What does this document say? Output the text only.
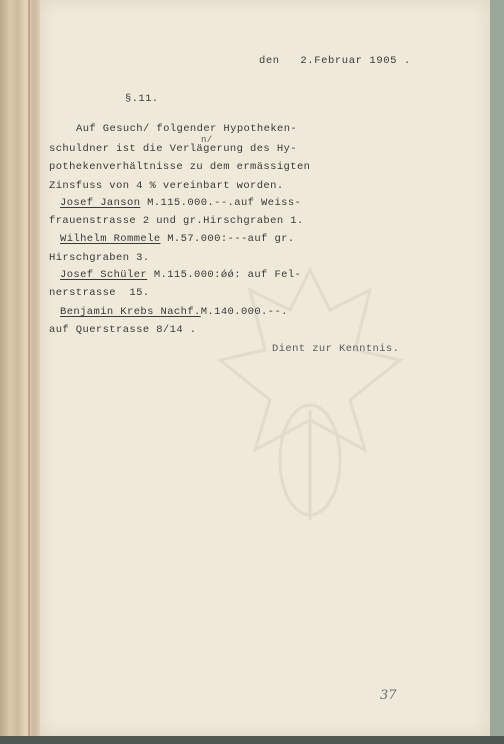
den   2.Februar 1905 .
§.11.
Auf Gesuch/ folgender Hypotheken-
n/
schuldner ist die Verlägerung des Hy-
pothekenverhältnisse zu dem ermässigten
Zinsfuss von 4 % vereinbart worden.
Josef Janson M.115.000.--.auf Weiss-
frauenstrasse 2 und gr.Hirschgraben 1.
Wilhelm Rommele M.57.000:---auf gr.
Hirschgraben 3.
Josef Schüler M.115.000:ǿǿ: auf Fel-
nerstrasse  15.
Benjamin Krebs Nachf.M.140.000.--.
auf Querstrasse 8/14 .
Dient zur Kenntnis.
37
